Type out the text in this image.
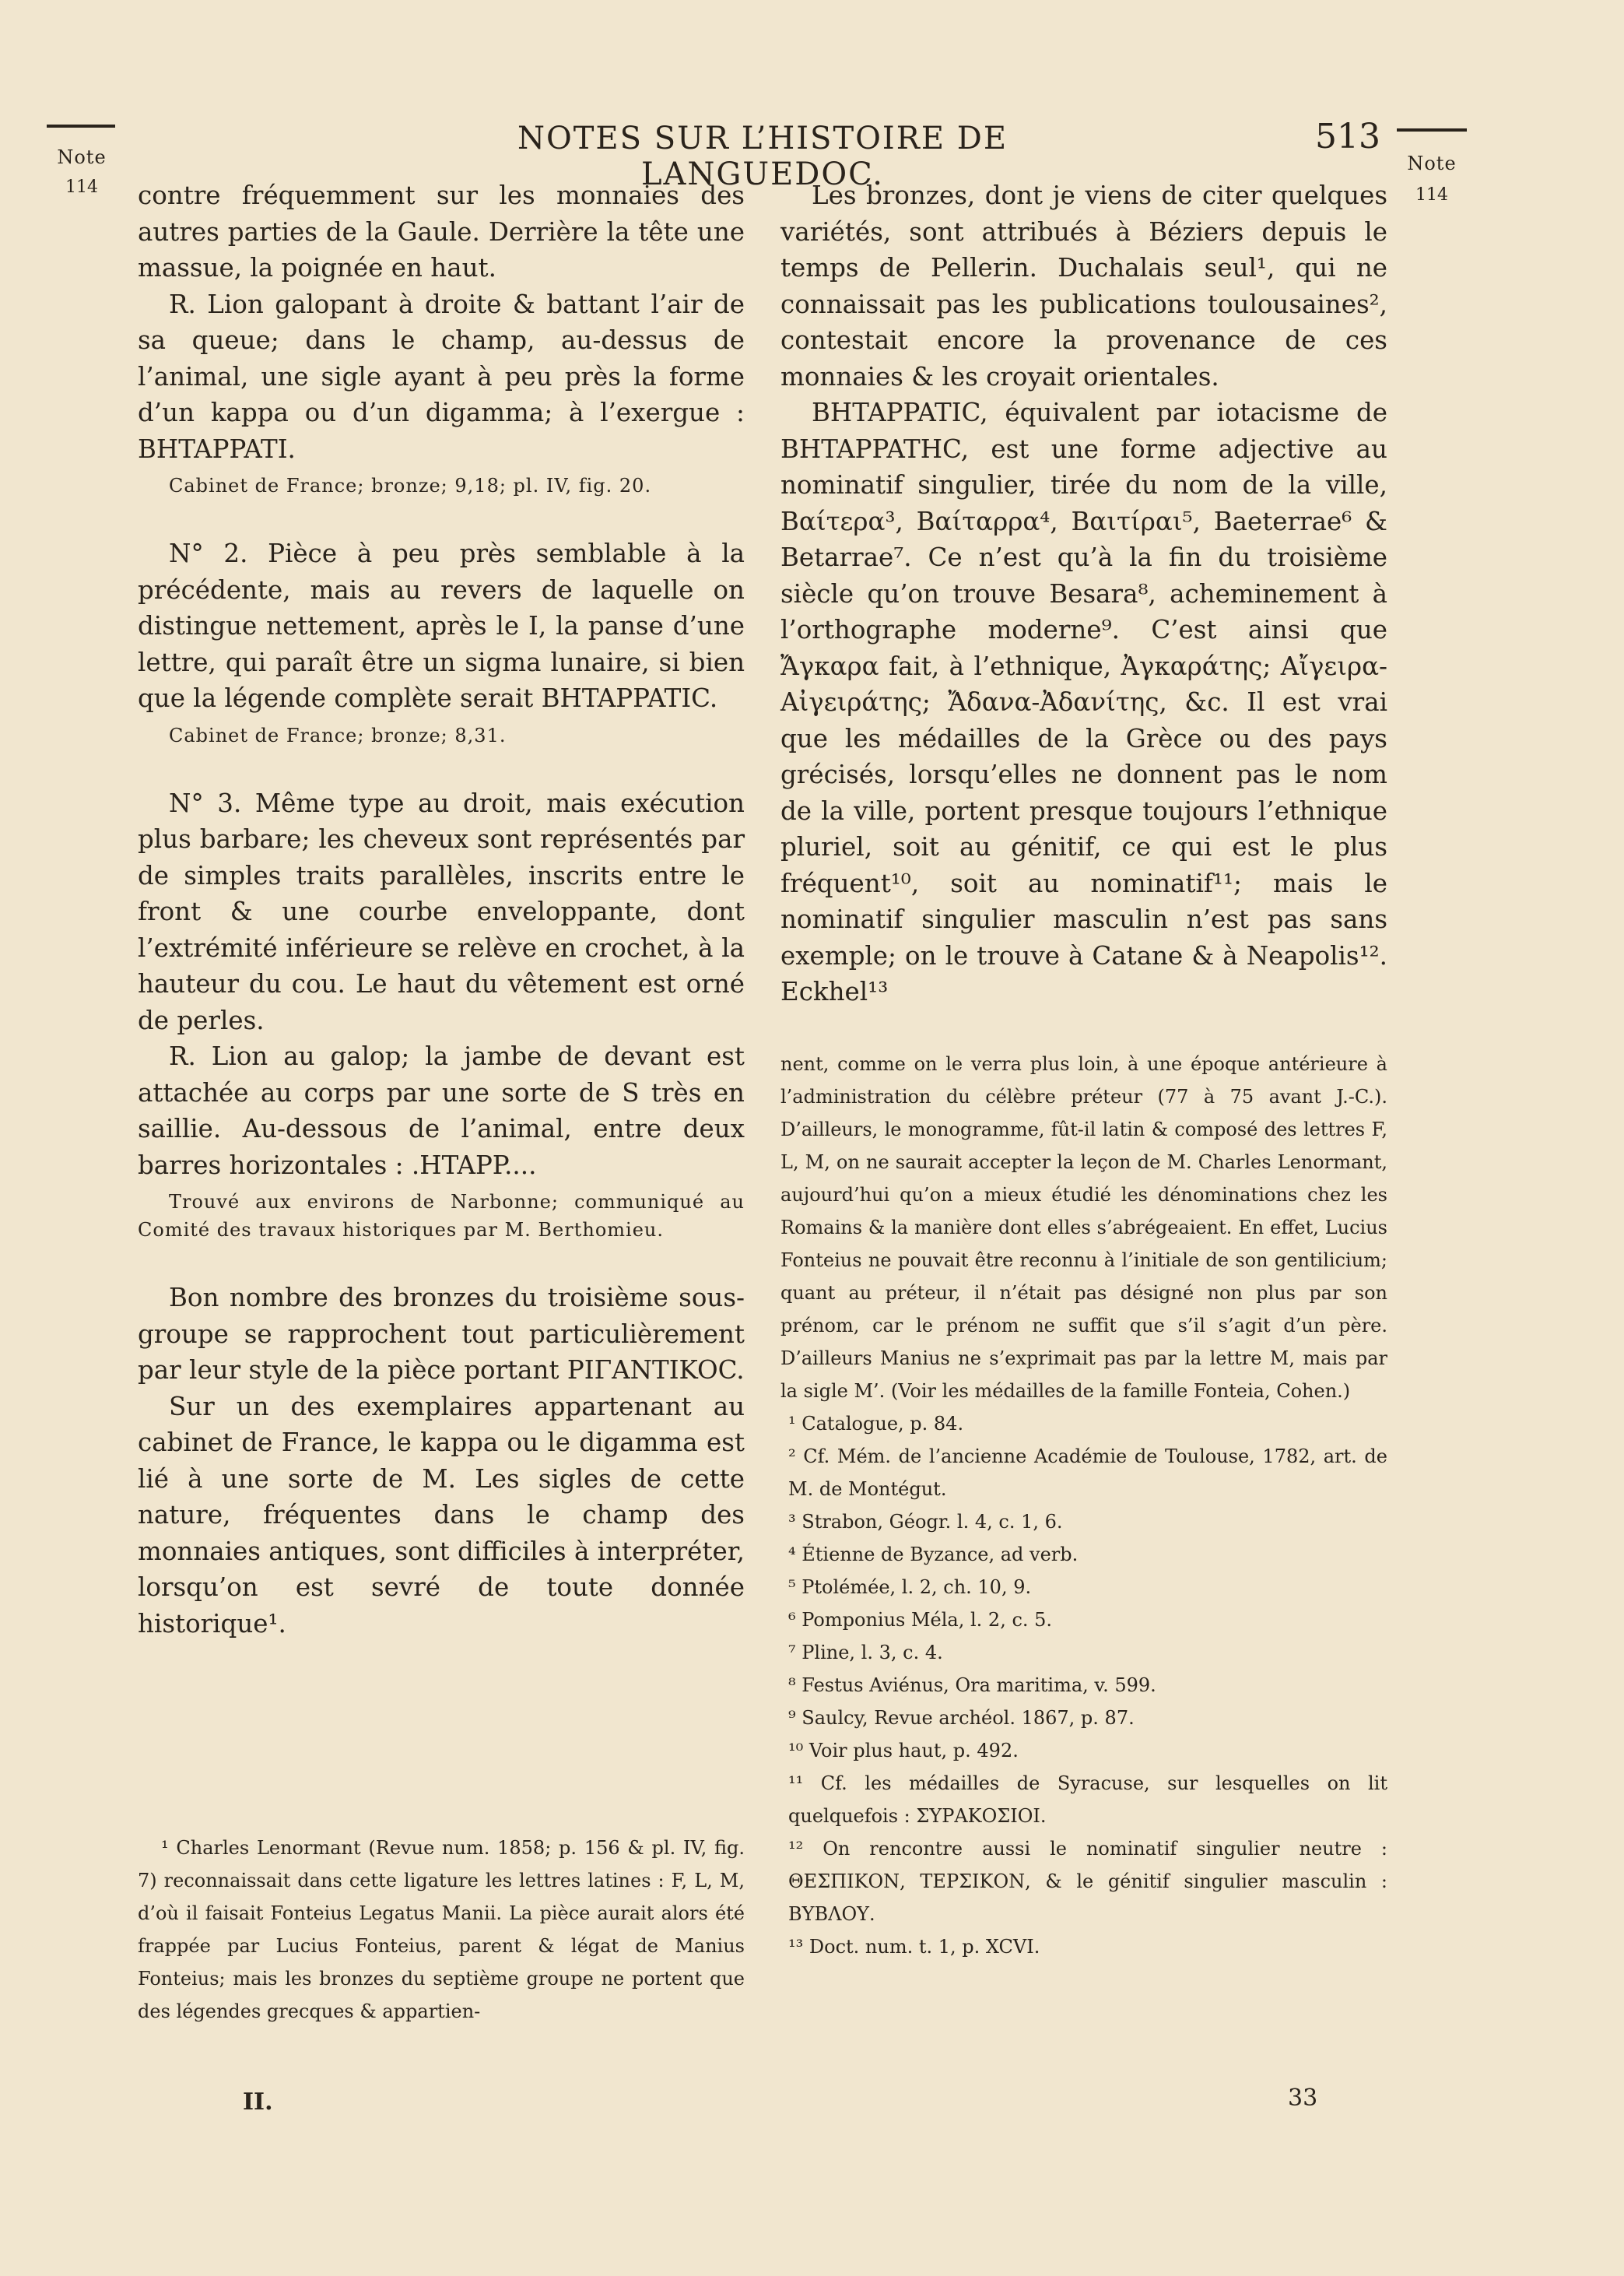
Note
114
Note
114
NOTES SUR L’HISTOIRE DE LANGUEDOC.
513

contre fréquemment sur les monnaies des autres parties de la Gaule. Derrière la tête une massue, la poignée en haut.

R. Lion galopant à droite & battant l’air de sa queue; dans le champ, au-dessus de l’animal, une sigle ayant à peu près la forme d’un kappa ou d’un digamma; à l’exergue : BHTAPPATI.

Cabinet de France; bronze; 9,18; pl. IV, fig. 20.

N° 2. Pièce à peu près semblable à la précédente, mais au revers de laquelle on distingue nettement, après le I, la panse d’une lettre, qui paraît être un sigma lunaire, si bien que la légende complète serait BHTAPPATIC.

Cabinet de France; bronze; 8,31.

N° 3. Même type au droit, mais exécution plus barbare; les cheveux sont représentés par de simples traits parallèles, inscrits entre le front & une courbe enveloppante, dont l’extrémité inférieure se relève en crochet, à la hauteur du cou. Le haut du vêtement est orné de perles.

R. Lion au galop; la jambe de devant est attachée au corps par une sorte de S très en saillie. Au-dessous de l’animal, entre deux barres horizontales : .HTAPP....

Trouvé aux environs de Narbonne; communiqué au Comité des travaux historiques par M. Berthomieu.

Bon nombre des bronzes du troisième sous-groupe se rapprochent tout particulièrement par leur style de la pièce portant PIΓANTIKOC.

Sur un des exemplaires appartenant au cabinet de France, le kappa ou le digamma est lié à une sorte de M. Les sigles de cette nature, fréquentes dans le champ des monnaies antiques, sont difficiles à interpréter, lorsqu’on est sevré de toute donnée historique¹.

¹ Charles Lenormant (Revue num. 1858; p. 156 & pl. IV, fig. 7) reconnaissait dans cette ligature les lettres latines : F, L, M, d’où il faisait Fonteius Legatus Manii. La pièce aurait alors été frappée par Lucius Fonteius, parent & légat de Manius Fonteius; mais les bronzes du septième groupe ne portent que des légendes grecques & appartien-

Les bronzes, dont je viens de citer quelques variétés, sont attribués à Béziers depuis le temps de Pellerin. Duchalais seul¹, qui ne connaissait pas les publications toulousaines², contestait encore la provenance de ces monnaies & les croyait orientales.

BHTAPPATIC, équivalent par iotacisme de BHTAPPATHC, est une forme adjective au nominatif singulier, tirée du nom de la ville, Βαίτερα³, Βαίταρρα⁴, Βαιτίραι⁵, Baeterrae⁶ & Betarrae⁷. Ce n’est qu’à la fin du troisième siècle qu’on trouve Besara⁸, acheminement à l’orthographe moderne⁹. C’est ainsi que Ἄγκαρα fait, à l’ethnique, Ἀγκαράτης; Αἴγειρα-Αἰγειράτης; Ἄδανα-Ἀδανίτης, &c. Il est vrai que les médailles de la Grèce ou des pays grécisés, lorsqu’elles ne donnent pas le nom de la ville, portent presque toujours l’ethnique pluriel, soit au génitif, ce qui est le plus fréquent¹⁰, soit au nominatif¹¹; mais le nominatif singulier masculin n’est pas sans exemple; on le trouve à Catane & à Neapolis¹². Eckhel¹³

nent, comme on le verra plus loin, à une époque antérieure à l’administration du célèbre préteur (77 à 75 avant J.-C.). D’ailleurs, le monogramme, fût-il latin & composé des lettres F, L, M, on ne saurait accepter la leçon de M. Charles Lenormant, aujourd’hui qu’on a mieux étudié les dénominations chez les Romains & la manière dont elles s’abrégeaient. En effet, Lucius Fonteius ne pouvait être reconnu à l’initiale de son gentilicium; quant au préteur, il n’était pas désigné non plus par son prénom, car le prénom ne suffit que s’il s’agit d’un père. D’ailleurs Manius ne s’exprimait pas par la lettre M, mais par la sigle M’. (Voir les médailles de la famille Fonteia, Cohen.)

¹ Catalogue, p. 84.

² Cf. Mém. de l’ancienne Académie de Toulouse, 1782, art. de M. de Montégut.

³ Strabon, Géogr. l. 4, c. 1, 6.

⁴ Étienne de Byzance, ad verb.

⁵ Ptolémée, l. 2, ch. 10, 9.

⁶ Pomponius Méla, l. 2, c. 5.

⁷ Pline, l. 3, c. 4.

⁸ Festus Aviénus, Ora maritima, v. 599.

⁹ Saulcy, Revue archéol. 1867, p. 87.

¹⁰ Voir plus haut, p. 492.

¹¹ Cf. les médailles de Syracuse, sur lesquelles on lit quelquefois : ΣΥΡΑΚΟΣΙΟΙ.

¹² On rencontre aussi le nominatif singulier neutre : ΘΕΣΠΙΚΟΝ, ΤΕΡΣΙΚΟΝ, & le génitif singulier masculin : ΒΥΒΛΟΥ.

¹³ Doct. num. t. 1, p. XCVI.

II.	33
